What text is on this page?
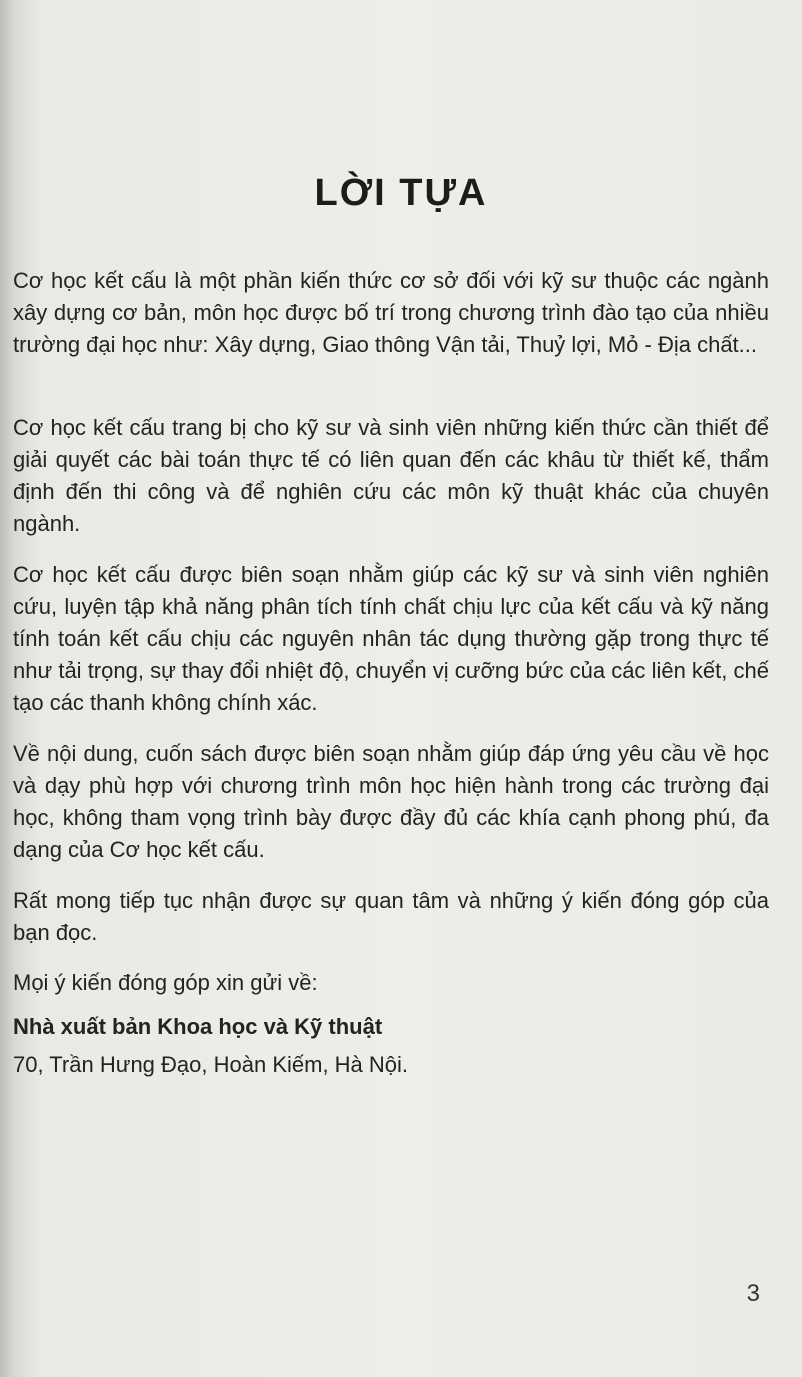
LỜI TỰA

Cơ học kết cấu là một phần kiến thức cơ sở đối với kỹ sư thuộc các ngành xây dựng cơ bản, môn học được bố trí trong chương trình đào tạo của nhiều trường đại học như: Xây dựng, Giao thông Vận tải, Thuỷ lợi, Mỏ - Địa chất...

Cơ học kết cấu trang bị cho kỹ sư và sinh viên những kiến thức cần thiết để giải quyết các bài toán thực tế có liên quan đến các khâu từ thiết kế, thẩm định đến thi công và để nghiên cứu các môn kỹ thuật khác của chuyên ngành.

Cơ học kết cấu được biên soạn nhằm giúp các kỹ sư và sinh viên nghiên cứu, luyện tập khả năng phân tích tính chất chịu lực của kết cấu và kỹ năng tính toán kết cấu chịu các nguyên nhân tác dụng thường gặp trong thực tế như tải trọng, sự thay đổi nhiệt độ, chuyển vị cưỡng bức của các liên kết, chế tạo các thanh không chính xác.

Về nội dung, cuốn sách được biên soạn nhằm giúp đáp ứng yêu cầu về học và dạy phù hợp với chương trình môn học hiện hành trong các trường đại học, không tham vọng trình bày được đầy đủ các khía cạnh phong phú, đa dạng của Cơ học kết cấu.

Rất mong tiếp tục nhận được sự quan tâm và những ý kiến đóng góp của bạn đọc.

Mọi ý kiến đóng góp xin gửi về:

Nhà xuất bản Khoa học và Kỹ thuật

70, Trần Hưng Đạo, Hoàn Kiếm, Hà Nội.

3
